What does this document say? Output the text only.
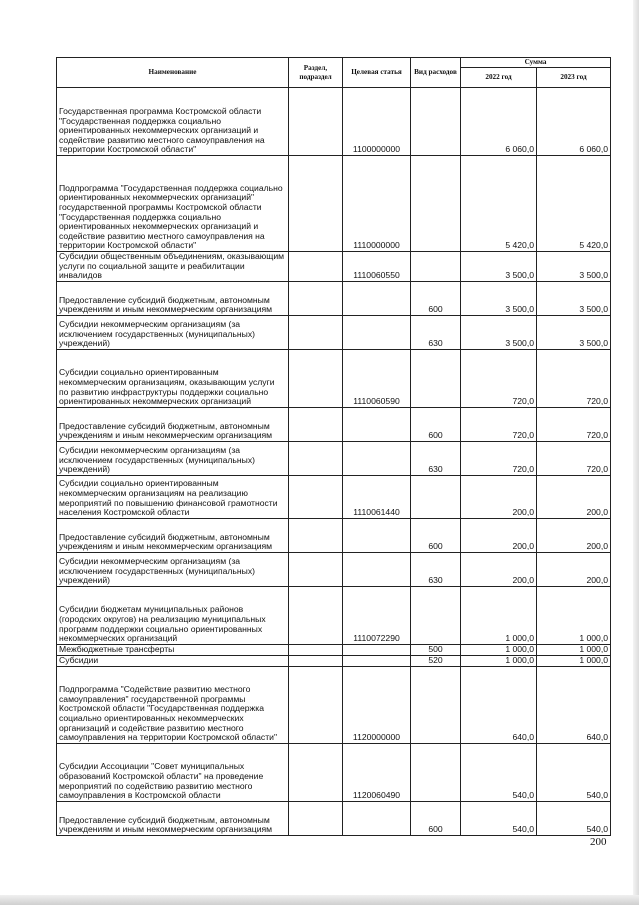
Наименование	Раздел, подраздел	Целевая статья	Вид расходов	Сумма	
				2022 год	2023 год
Государственная программа Костромской области "Государственная поддержка социально ориентированных некоммерческих организаций и содействие развитию местного самоуправления на территории Костромской области"		1100000000		6 060,0	6 060,0
Подпрограмма "Государственная поддержка социально ориентированных некоммерческих организаций" государственной программы Костромской области "Государственная поддержка социально ориентированных некоммерческих организаций и содействие развитию местного самоуправления на территории Костромской области"		1110000000		5 420,0	5 420,0
Субсидии общественным объединениям, оказывающим услуги по социальной защите и реабилитации инвалидов		1110060550		3 500,0	3 500,0
Предоставление субсидий бюджетным, автономным учреждениям и иным некоммерческим организациям			600	3 500,0	3 500,0
Субсидии некоммерческим организациям (за исключением государственных (муниципальных) учреждений)			630	3 500,0	3 500,0
Субсидии социально ориентированным некоммерческим организациям, оказывающим услуги по развитию инфраструктуры поддержки социально ориентированных некоммерческих организаций		1110060590		720,0	720,0
Предоставление субсидий бюджетным, автономным учреждениям и иным некоммерческим организациям			600	720,0	720,0
Субсидии некоммерческим организациям (за исключением государственных (муниципальных) учреждений)			630	720,0	720,0
Субсидии социально ориентированным некоммерческим организациям на реализацию мероприятий по повышению финансовой грамотности населения Костромской области		1110061440		200,0	200,0
Предоставление субсидий бюджетным, автономным учреждениям и иным некоммерческим организациям			600	200,0	200,0
Субсидии некоммерческим организациям (за исключением государственных (муниципальных) учреждений)			630	200,0	200,0
Субсидии бюджетам муниципальных районов (городских округов) на реализацию муниципальных программ поддержки социально ориентированных некоммерческих организаций		1110072290		1 000,0	1 000,0
Межбюджетные трансферты			500	1 000,0	1 000,0
Субсидии			520	1 000,0	1 000,0
Подпрограмма "Содействие развитию местного самоуправления" государственной программы Костромской области "Государственная поддержка социально ориентированных некоммерческих организаций и содействие развитию местного самоуправления на территории Костромской области"		1120000000		640,0	640,0
Субсидии Ассоциации "Совет муниципальных образований Костромской области" на проведение мероприятий по содействию развитию местного самоуправления в Костромской области		1120060490		540,0	540,0
Предоставление субсидий бюджетным, автономным учреждениям и иным некоммерческим организациям			600	540,0	540,0
200
